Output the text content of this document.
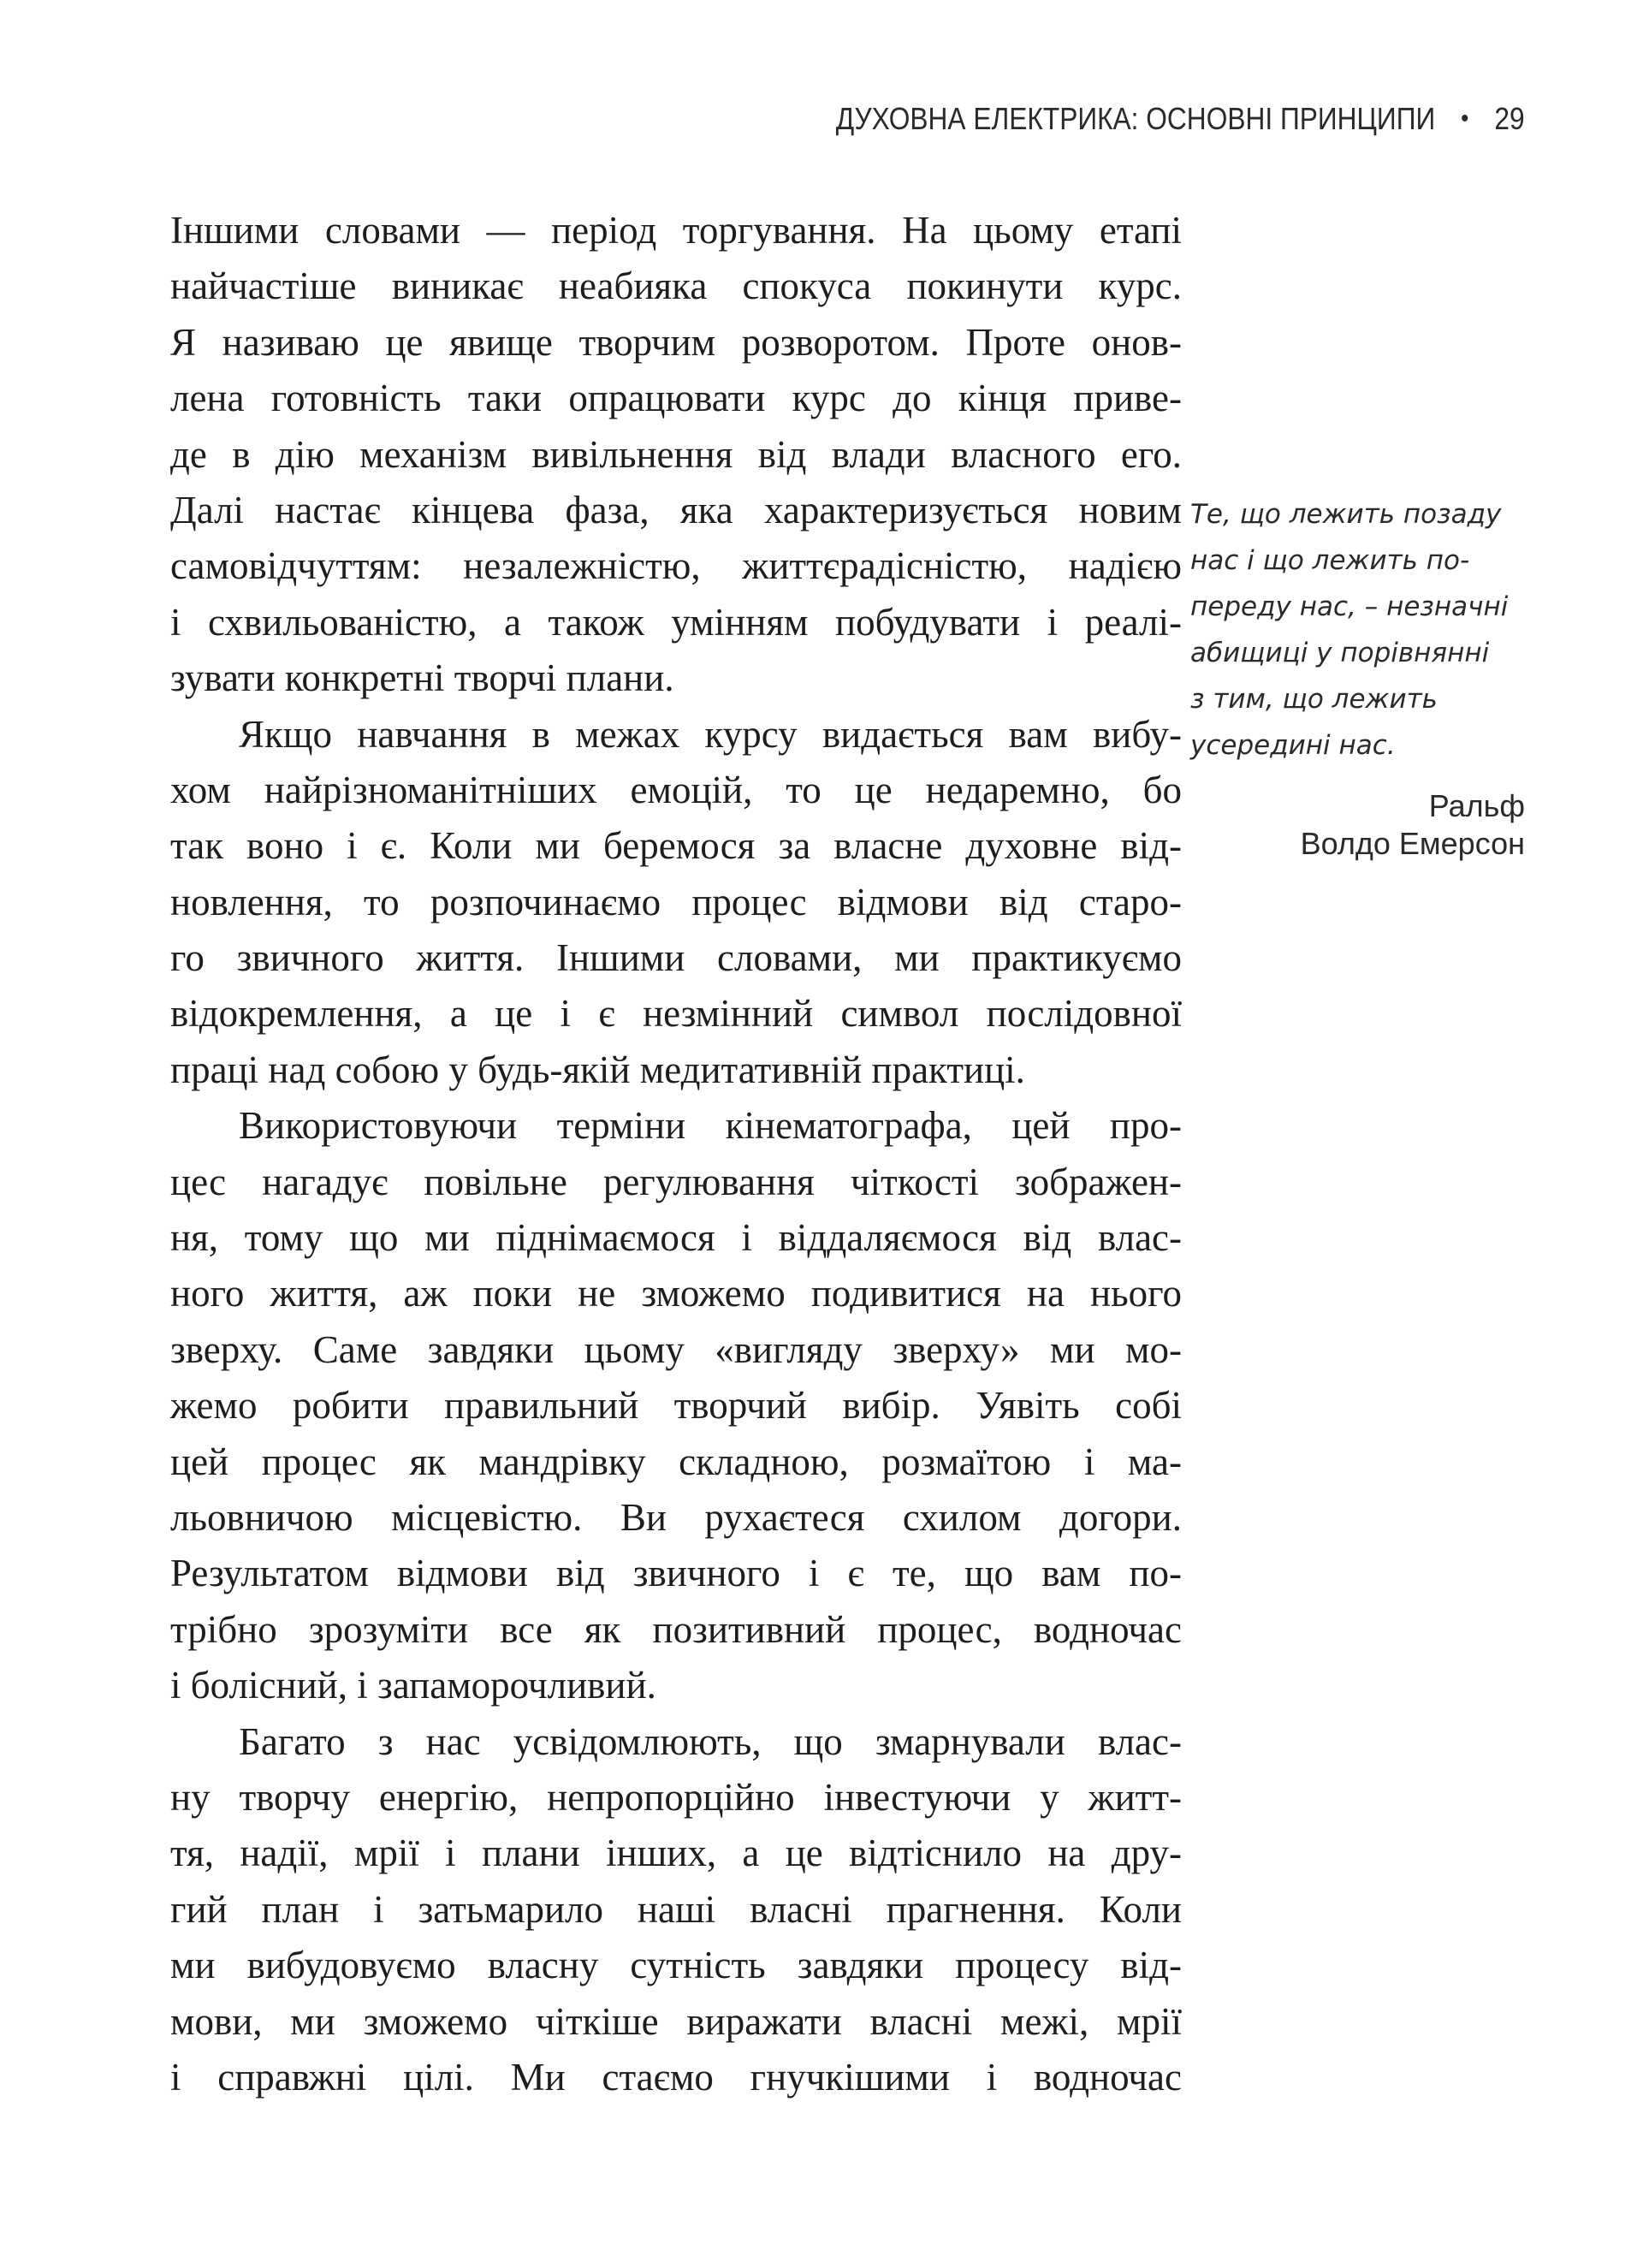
ДУХОВНА ЕЛЕКТРИКА: ОСНОВНІ ПРИНЦИПИ • 29
Іншими словами — період торгування. На цьому етапі
найчастіше виникає неабияка спокуса покинути курс.
Я називаю це явище творчим розворотом. Проте онов-
лена готовність таки опрацювати курс до кінця приве-
де в дію механізм вивільнення від влади власного его.
Далі настає кінцева фаза, яка характеризується новим
самовідчуттям: незалежністю, життєрадісністю, надією
і схвильованістю, а також умінням побудувати і реалі-
зувати конкретні творчі плани.
Якщо навчання в межах курсу видається вам вибу-
хом найрізноманітніших емоцій, то це недаремно, бо
так воно і є. Коли ми беремося за власне духовне від-
новлення, то розпочинаємо процес відмови від старо-
го звичного життя. Іншими словами, ми практикуємо
відокремлення, а це і є незмінний символ послідовної
праці над собою у будь-якій медитативній практиці.
Використовуючи терміни кінематографа, цей про-
цес нагадує повільне регулювання чіткості зображен-
ня, тому що ми піднімаємося і віддаляємося від влас-
ного життя, аж поки не зможемо подивитися на нього
зверху. Саме завдяки цьому «вигляду зверху» ми мо-
жемо робити правильний творчий вибір. Уявіть собі
цей процес як мандрівку складною, розмаїтою і ма-
льовничою місцевістю. Ви рухаєтеся схилом догори.
Результатом відмови від звичного і є те, що вам по-
трібно зрозуміти все як позитивний процес, водночас
і болісний, і запаморочливий.
Багато з нас усвідомлюють, що змарнували влас-
ну творчу енергію, непропорційно інвестуючи у житт-
тя, надії, мрії і плани інших, а це відтіснило на дру-
гий план і затьмарило наші власні прагнення. Коли
ми вибудовуємо власну сутність завдяки процесу від-
мови, ми зможемо чіткіше виражати власні межі, мрії
і справжні цілі. Ми стаємо гнучкішими і водночас
Те, що лежить позаду
нас і що лежить по-
переду нас, – незначні
абищиці у порівнянні
з тим, що лежить
усередині нас.
Ральф
Волдо Емерсон
